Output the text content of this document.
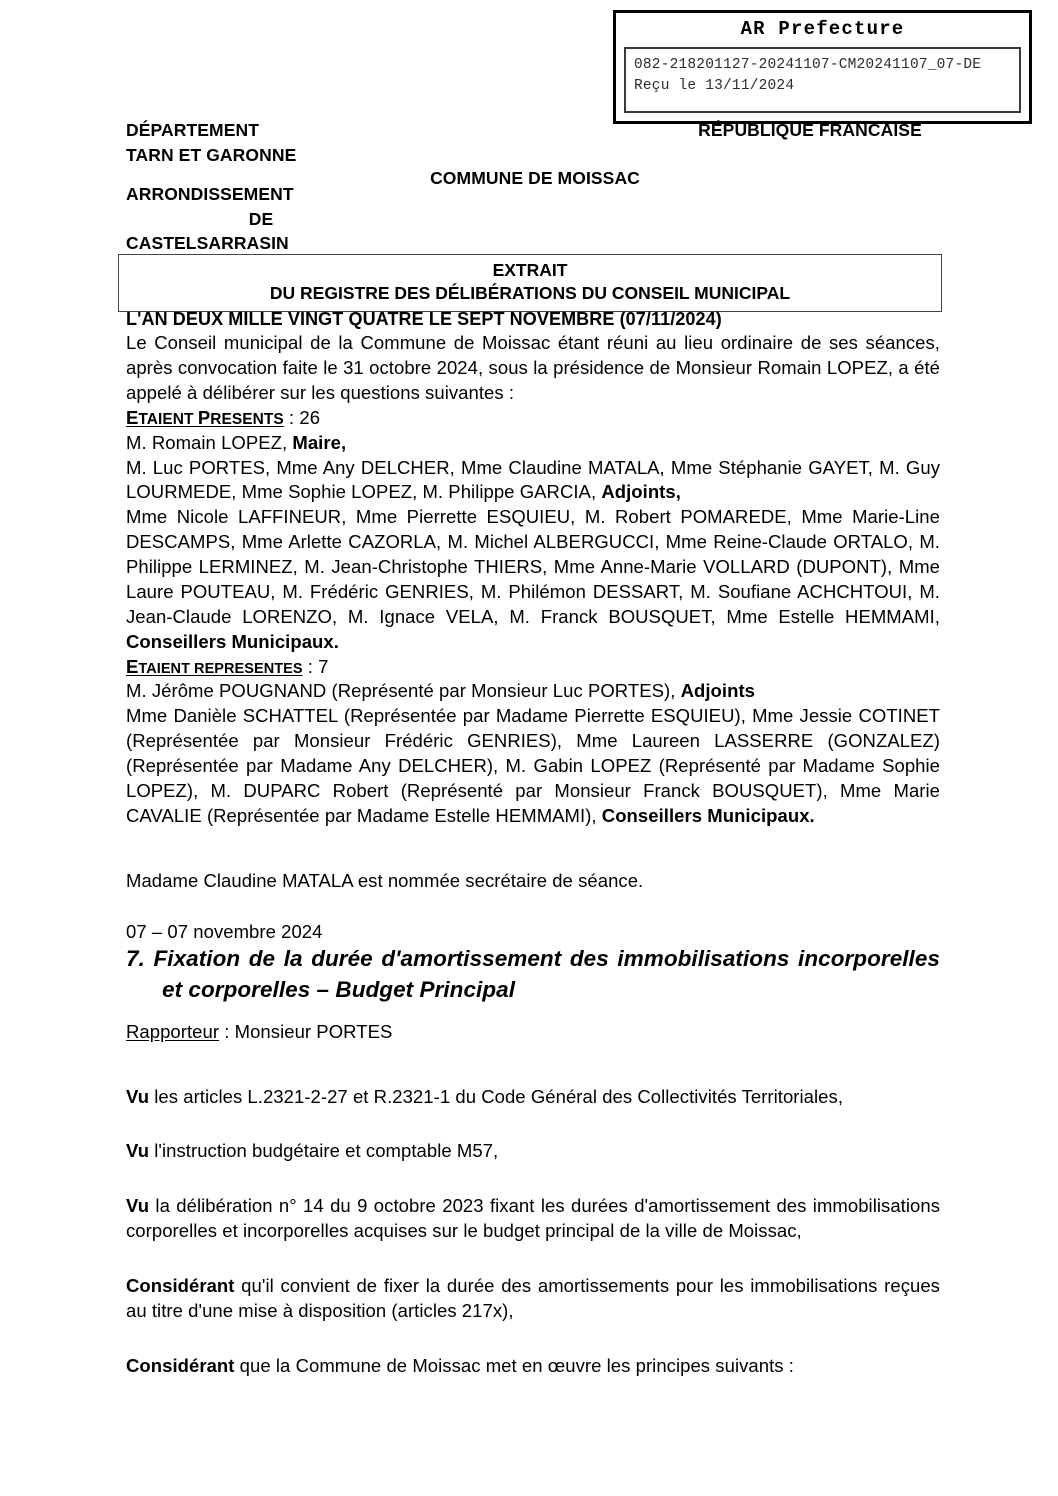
AR Prefecture
082-218201127-20241107-CM20241107_07-DE
Reçu le 13/11/2024
DÉPARTEMENT
TARN ET GARONNE
ARRONDISSEMENT
DE
CASTELSARRASIN
RÉPUBLIQUE FRANCAISE
COMMUNE DE MOISSAC
EXTRAIT
DU REGISTRE DES DÉLIBÉRATIONS DU CONSEIL MUNICIPAL

L'AN DEUX MILLE VINGT QUATRE LE SEPT NOVEMBRE (07/11/2024)

Le Conseil municipal de la Commune de Moissac étant réuni au lieu ordinaire de ses séances, après convocation faite le 31 octobre 2024, sous la présidence de Monsieur Romain LOPEZ, a été appelé à délibérer sur les questions suivantes :

ETAIENT PRESENTS : 26

M. Romain LOPEZ, Maire,

M. Luc PORTES, Mme Any DELCHER, Mme Claudine MATALA, Mme Stéphanie GAYET, M. Guy LOURMEDE, Mme Sophie LOPEZ, M. Philippe GARCIA, Adjoints,

Mme Nicole LAFFINEUR, Mme Pierrette ESQUIEU, M. Robert POMAREDE, Mme Marie-Line DESCAMPS, Mme Arlette CAZORLA, M. Michel ALBERGUCCI, Mme Reine-Claude ORTALO, M. Philippe LERMINEZ, M. Jean-Christophe THIERS, Mme Anne-Marie VOLLARD (DUPONT), Mme Laure POUTEAU, M. Frédéric GENRIES, M. Philémon DESSART, M. Soufiane ACHCHTOUI, M. Jean-Claude LORENZO, M. Ignace VELA, M. Franck BOUSQUET, Mme Estelle HEMMAMI, Conseillers Municipaux.

ETAIENT REPRESENTES : 7

M. Jérôme POUGNAND (Représenté par Monsieur Luc PORTES), Adjoints

Mme Danièle SCHATTEL (Représentée par Madame Pierrette ESQUIEU), Mme Jessie COTINET (Représentée par Monsieur Frédéric GENRIES), Mme Laureen LASSERRE (GONZALEZ) (Représentée par Madame Any DELCHER), M. Gabin LOPEZ (Représenté par Madame Sophie LOPEZ), M. DUPARC Robert (Représenté par Monsieur Franck BOUSQUET), Mme Marie CAVALIE (Représentée par Madame Estelle HEMMAMI), Conseillers Municipaux.

Madame Claudine MATALA est nommée secrétaire de séance.

07 – 07 novembre 2024

7. Fixation de la durée d'amortissement des immobilisations incorporelles et corporelles – Budget Principal

Rapporteur : Monsieur PORTES

Vu les articles L.2321-2-27 et R.2321-1 du Code Général des Collectivités Territoriales,

Vu l'instruction budgétaire et comptable M57,

Vu la délibération n° 14 du 9 octobre 2023 fixant les durées d'amortissement des immobilisations corporelles et incorporelles acquises sur le budget principal de la ville de Moissac,

Considérant qu'il convient de fixer la durée des amortissements pour les immobilisations reçues au titre d'une mise à disposition (articles 217x),

Considérant que la Commune de Moissac met en œuvre les principes suivants :
